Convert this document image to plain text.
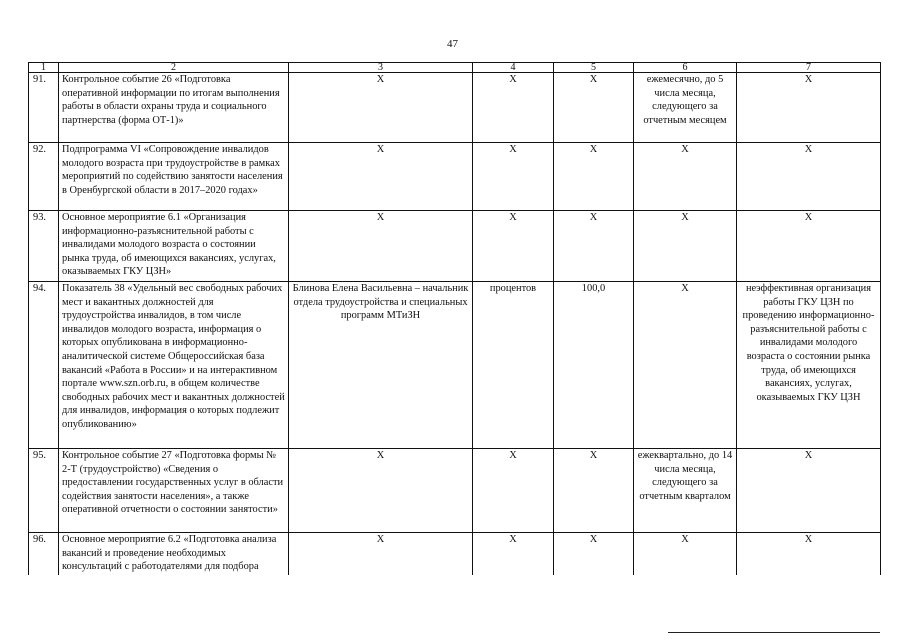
47
1	2	3	4	5	6	7
91.	Контрольное событие 26 «Подготовка оперативной информации по итогам выполнения работы в области охраны труда и социального партнерства (форма ОТ-1)»	Х	Х	Х	ежемесячно, до 5 числа месяца, следующего за отчетным месяцем	Х
92.	Подпрограмма VI «Сопровождение инвалидов молодого возраста при трудоустройстве в рамках мероприятий по содействию занятости населения в Оренбургской области в 2017–2020 годах»	Х	Х	Х	Х	Х
93.	Основное мероприятие 6.1 «Организация информационно-разъяснительной работы с инвалидами молодого возраста о состоянии рынка труда, об имеющихся вакансиях, услугах, оказываемых ГКУ ЦЗН»	Х	Х	Х	Х	Х
94.	Показатель 38 «Удельный вес свободных рабочих мест и вакантных должностей для трудоустройства инвалидов, в том числе инвалидов молодого возраста, информация о которых опубликована в информационно-аналитической системе Общероссийская база вакансий «Работа в России» и на интерактивном портале www.szn.orb.ru, в общем количестве свободных рабочих мест и вакантных должностей для инвалидов, информация о которых подлежит опубликованию»	Блинова Елена Васильевна – начальник отдела трудоустройства и специальных программ МТиЗН	процентов	100,0	Х	неэффективная организация работы ГКУ ЦЗН по проведению информационно-разъяснительной работы с инвалидами молодого возраста о состоянии рынка труда, об имеющихся вакансиях, услугах, оказываемых ГКУ ЦЗН
95.	Контрольное событие 27 «Подготовка формы № 2-Т (трудоустройство) «Сведения о предоставлении государственных услуг в области содействия занятости населения», а также оперативной отчетности о состоянии занятости»	Х	Х	Х	ежеквартально, до 14 числа месяца, следующего за отчетным кварталом	Х
96.	Основное мероприятие 6.2 «Подготовка анализа вакансий и проведение необходимых консультаций с работодателями для подбора	Х	Х	Х	Х	Х
